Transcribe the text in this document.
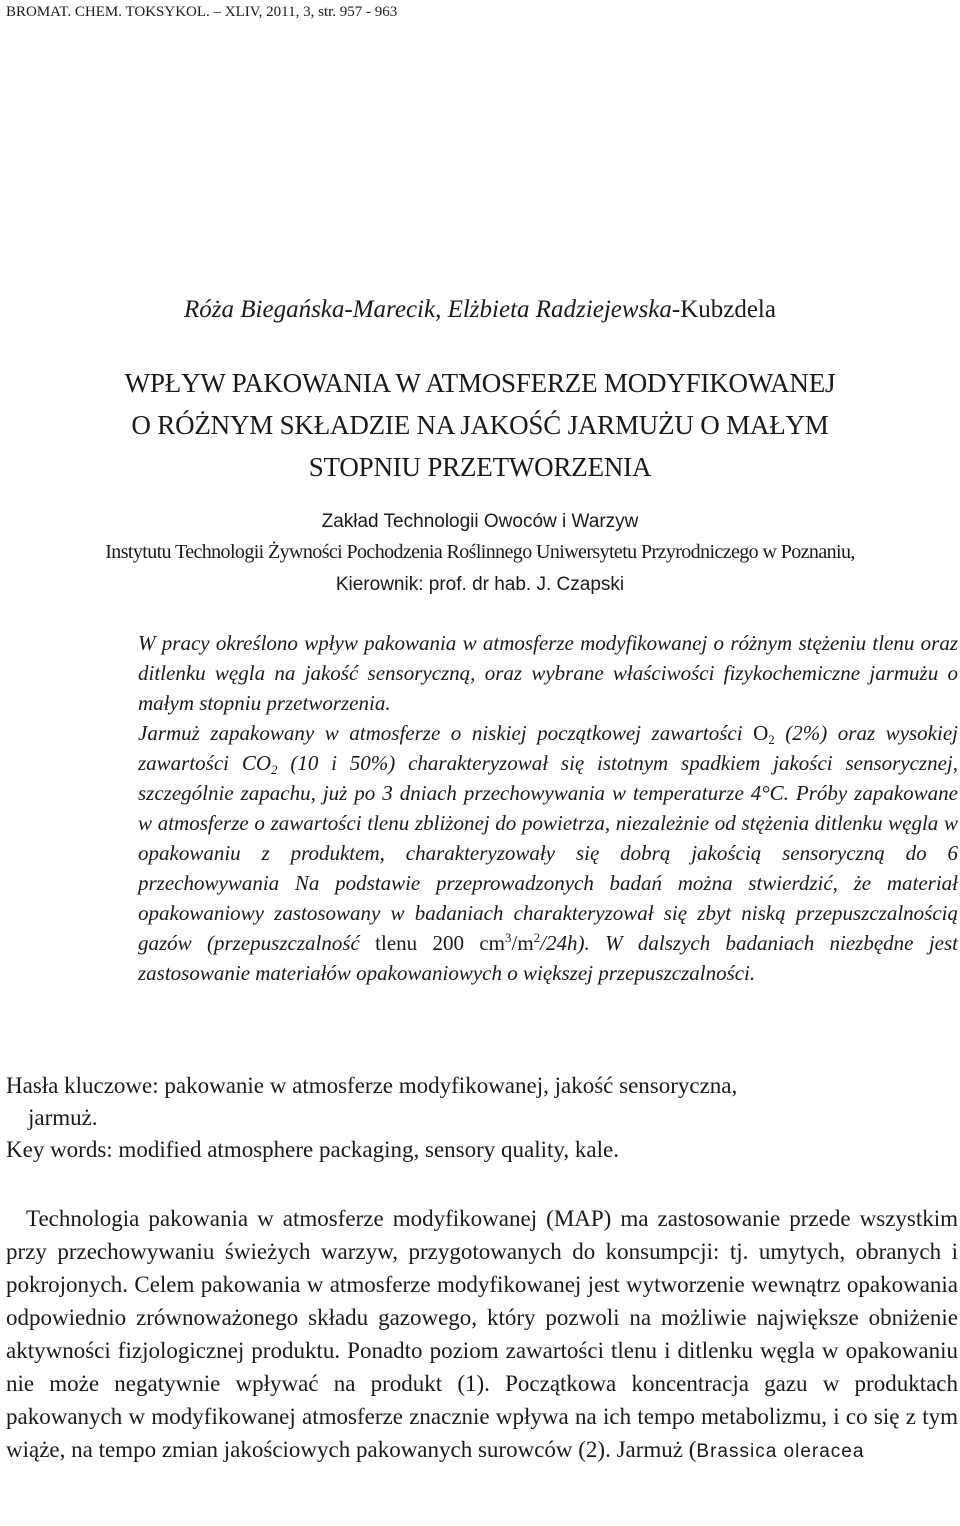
BROMAT. CHEM. TOKSYKOL. – XLIV, 2011, 3, str. 957 - 963
Róża Biegańska-Marecik, Elżbieta Radziejewska-Kubzdela
WPŁYW PAKOWANIA W ATMOSFERZE MODYFIKOWANEJ
O RÓŻNYM SKŁADZIE NA JAKOŚĆ JARMUŻU O MAŁYM
STOPNIU PRZETWORZENIA
Zakład Technologii Owoców i Warzyw
Instytutu Technologii Żywności Pochodzenia Roślinnego Uniwersytetu Przyrodniczego w Poznaniu,
Kierownik: prof. dr hab. J. Czapski

W pracy określono wpływ pakowania w atmosferze modyfikowanej o różnym stężeniu tlenu oraz ditlenku węgla na jakość sensoryczną, oraz wybrane właściwości fizykochemiczne jarmużu o małym stopniu przetworzenia.

Jarmuż zapakowany w atmosferze o niskiej początkowej zawartości $O_2$ (2%) oraz wysokiej zawartości $CO_2$ (10 i 50%) charakteryzował się istotnym spadkiem jakości sensorycznej, szczególnie zapachu, już po 3 dniach przechowywania w temperaturze 4°C. Próby zapakowane w atmosferze o zawartości tlenu zbliżonej do powietrza, niezależnie od stężenia ditlenku węgla w opakowaniu z produktem, charakteryzowały się dobrą jakością sensoryczną do 6 przechowywania Na podstawie przeprowadzonych badań można stwierdzić, że materiał opakowaniowy zastosowany w badaniach charakteryzował się zbyt niską przepuszczalnością gazów (przepuszczalność tlenu 200 $cm^3/m^2/24h$). W dalszych badaniach niezbędne jest zastosowanie materiałów opakowaniowych o większej przepuszczalności.

Hasła kluczowe: pakowanie w atmosferze modyfikowanej, jakość sensoryczna,

jarmuż.

Key words: modified atmosphere packaging, sensory quality, kale.

Technologia pakowania w atmosferze modyfikowanej (MAP) ma zastosowanie przede wszystkim przy przechowywaniu świeżych warzyw, przygotowanych do konsumpcji: tj. umytych, obranych i pokrojonych. Celem pakowania w atmosferze modyfikowanej jest wytworzenie wewnątrz opakowania odpowiednio zrównoważonego składu gazowego, który pozwoli na możliwie największe obniżenie aktywności fizjologicznej produktu. Ponadto poziom zawartości tlenu i ditlenku węgla w opakowaniu nie może negatywnie wpływać na produkt (1). Początkowa koncentracja gazu w produktach pakowanych w modyfikowanej atmosferze znacznie wpływa na ich tempo metabolizmu, i co się z tym wiąże, na tempo zmian jakościowych pakowanych surowców (2). Jarmuż (Brassica oleracea
